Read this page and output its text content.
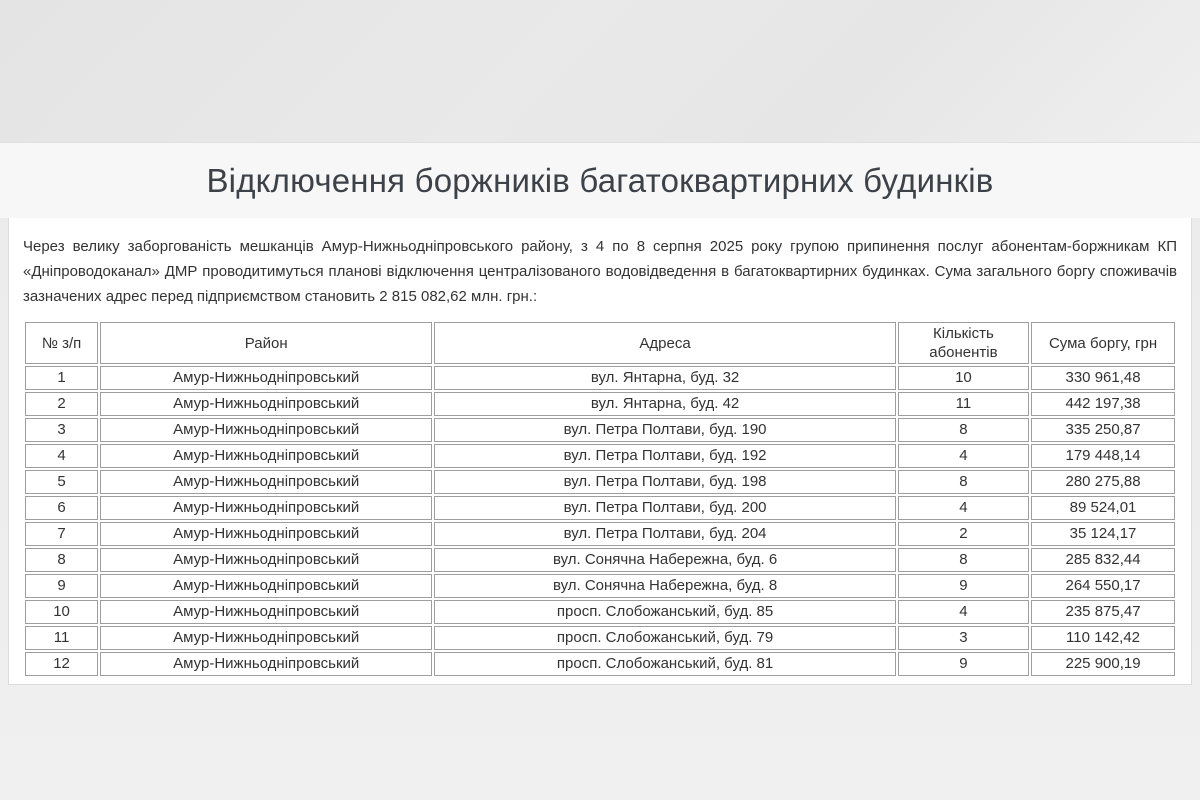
Відключення боржників багатоквартирних будинків

Через велику заборгованість мешканців Амур-Нижньодніпровського району, з 4 по 8 серпня 2025 року групою припинення послуг абонентам-боржникам КП «Дніпроводоканал» ДМР проводитимуться планові відключення централізованого водовідведення в багатоквартирних будинках. Сума загального боргу споживачів зазначених адрес перед підприємством становить 2 815 082,62 млн. грн.:

№ з/п	Район	Адреса	Кількість абонентів	Сума боргу, грн
1	Амур-Нижньодніпровський	вул. Янтарна, буд. 32	10	330 961,48
2	Амур-Нижньодніпровський	вул. Янтарна, буд. 42	11	442 197,38
3	Амур-Нижньодніпровський	вул. Петра Полтави, буд. 190	8	335 250,87
4	Амур-Нижньодніпровський	вул. Петра Полтави, буд. 192	4	179 448,14
5	Амур-Нижньодніпровський	вул. Петра Полтави, буд. 198	8	280 275,88
6	Амур-Нижньодніпровський	вул. Петра Полтави, буд. 200	4	89 524,01
7	Амур-Нижньодніпровський	вул. Петра Полтави, буд. 204	2	35 124,17
8	Амур-Нижньодніпровський	вул. Сонячна Набережна, буд. 6	8	285 832,44
9	Амур-Нижньодніпровський	вул. Сонячна Набережна, буд. 8	9	264 550,17
10	Амур-Нижньодніпровський	просп. Слобожанський, буд. 85	4	235 875,47
11	Амур-Нижньодніпровський	просп. Слобожанський, буд. 79	3	110 142,42
12	Амур-Нижньодніпровський	просп. Слобожанський, буд. 81	9	225 900,19
